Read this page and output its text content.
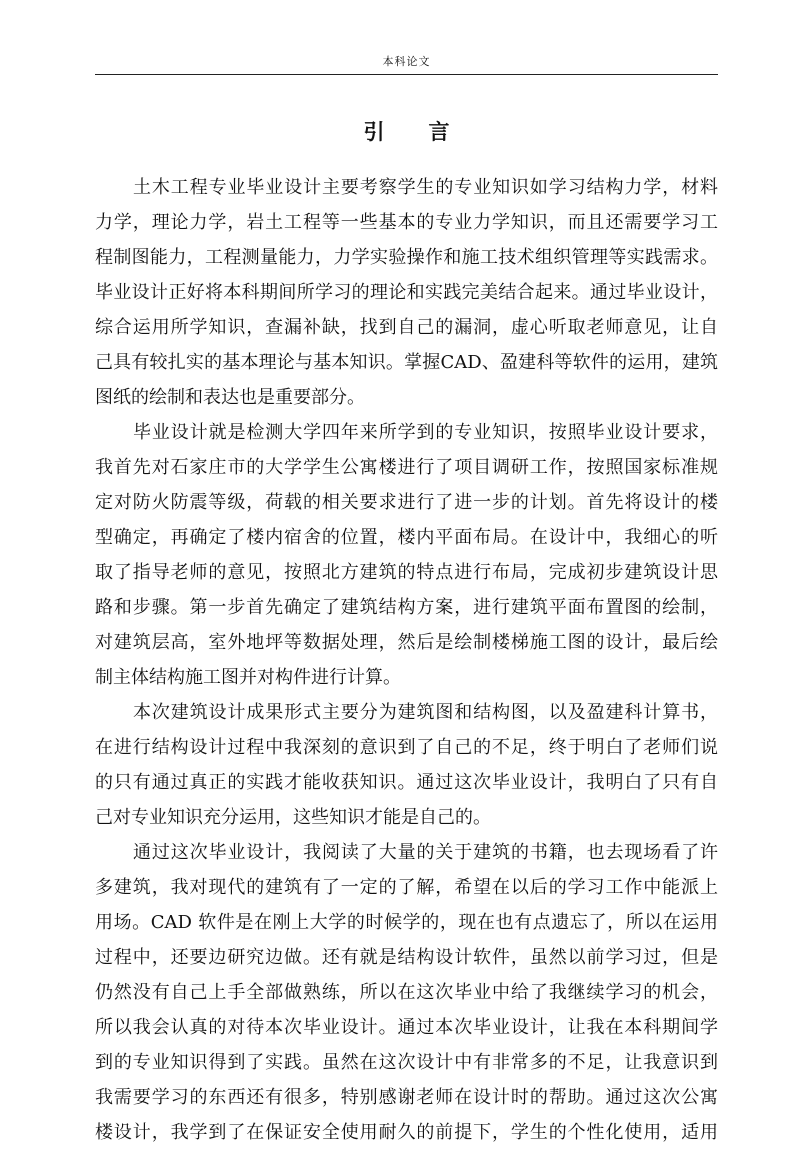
本科论文
引 言
土木工程专业毕业设计主要考察学生的专业知识如学习结构力学，材料
力学，理论力学，岩土工程等一些基本的专业力学知识，而且还需要学习工
程制图能力，工程测量能力，力学实验操作和施工技术组织管理等实践需求。
毕业设计正好将本科期间所学习的理论和实践完美结合起来。通过毕业设计，
综合运用所学知识，查漏补缺，找到自己的漏洞，虚心听取老师意见，让自
己具有较扎实的基本理论与基本知识。掌握CAD、盈建科等软件的运用，建筑
图纸的绘制和表达也是重要部分。
毕业设计就是检测大学四年来所学到的专业知识，按照毕业设计要求，
我首先对石家庄市的大学学生公寓楼进行了项目调研工作，按照国家标准规
定对防火防震等级，荷载的相关要求进行了进一步的计划。首先将设计的楼
型确定，再确定了楼内宿舍的位置，楼内平面布局。在设计中，我细心的听
取了指导老师的意见，按照北方建筑的特点进行布局，完成初步建筑设计思
路和步骤。第一步首先确定了建筑结构方案，进行建筑平面布置图的绘制，
对建筑层高，室外地坪等数据处理，然后是绘制楼梯施工图的设计，最后绘
制主体结构施工图并对构件进行计算。
本次建筑设计成果形式主要分为建筑图和结构图，以及盈建科计算书，
在进行结构设计过程中我深刻的意识到了自己的不足，终于明白了老师们说
的只有通过真正的实践才能收获知识。通过这次毕业设计，我明白了只有自
己对专业知识充分运用，这些知识才能是自己的。
通过这次毕业设计，我阅读了大量的关于建筑的书籍，也去现场看了许
多建筑，我对现代的建筑有了一定的了解，希望在以后的学习工作中能派上
用场。CAD 软件是在刚上大学的时候学的，现在也有点遗忘了，所以在运用
过程中，还要边研究边做。还有就是结构设计软件，虽然以前学习过，但是
仍然没有自己上手全部做熟练，所以在这次毕业中给了我继续学习的机会，
所以我会认真的对待本次毕业设计。通过本次毕业设计，让我在本科期间学
到的专业知识得到了实践。虽然在这次设计中有非常多的不足，让我意识到
我需要学习的东西还有很多，特别感谢老师在设计时的帮助。通过这次公寓
楼设计，我学到了在保证安全使用耐久的前提下，学生的个性化使用，适用
